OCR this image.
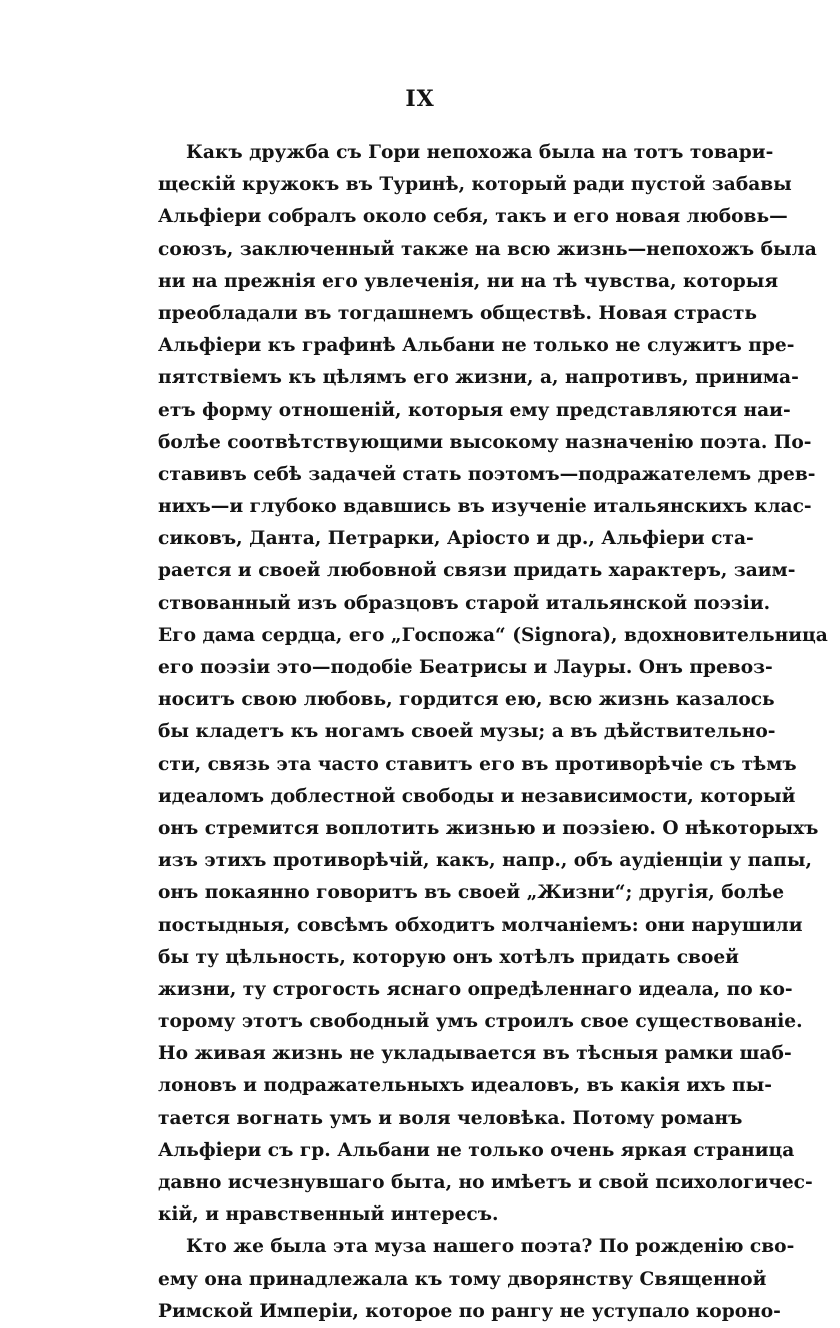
IX
Какъ дружба съ Гори непохожа была на тотъ товари-
щескій кружокъ въ Туринѣ, который ради пустой забавы
Альфіери собралъ около себя, такъ и его новая любовь—
союзъ, заключенный также на всю жизнь—непохожъ была
ни на прежнія его увлеченія, ни на тѣ чувства, которыя
преобладали въ тогдашнемъ обществѣ. Новая страсть
Альфіери къ графинѣ Альбани не только не служитъ пре-
пятствіемъ къ цѣлямъ его жизни, а, напротивъ, принима-
етъ форму отношеній, которыя ему представляются наи-
болѣе соотвѣтствующими высокому назначенію поэта. По-
ставивъ себѣ задачей стать поэтомъ—подражателемъ древ-
нихъ—и глубоко вдавшись въ изученіе итальянскихъ клас-
сиковъ, Данта, Петрарки, Аріосто и др., Альфіери ста-
рается и своей любовной связи придать характеръ, заим-
ствованный изъ образцовъ старой итальянской поэзіи.
Его дама сердца, его „Госпожа“ (Signora), вдохновительница
его поэзіи это—подобіе Беатрисы и Лауры. Онъ превоз-
носитъ свою любовь, гордится ею, всю жизнь казалось
бы кладетъ къ ногамъ своей музы; а въ дѣйствительно-
сти, связь эта часто ставитъ его въ противорѣчіе съ тѣмъ
идеаломъ доблестной свободы и независимости, который
онъ стремится воплотить жизнью и поэзіею. О нѣкоторыхъ
изъ этихъ противорѣчій, какъ, напр., объ аудіенціи у папы,
онъ покаянно говоритъ въ своей „Жизни“; другія, болѣе
постыдныя, совсѣмъ обходитъ молчаніемъ: они нарушили
бы ту цѣльность, которую онъ хотѣлъ придать своей
жизни, ту строгость яснаго опредѣленнаго идеала, по ко-
торому этотъ свободный умъ строилъ свое существованіе.
Но живая жизнь не укладывается въ тѣсныя рамки шаб-
лоновъ и подражательныхъ идеаловъ, въ какія ихъ пы-
тается вогнать умъ и воля человѣка. Потому романъ
Альфіери съ гр. Альбани не только очень яркая страница
давно исчезнувшаго быта, но имѣетъ и свой психологичес-
кій, и нравственный интересъ.
Кто же была эта муза нашего поэта? По рожденію сво-
ему она принадлежала къ тому дворянству Священной
Римской Имперіи, которое по рангу не уступало короно-
